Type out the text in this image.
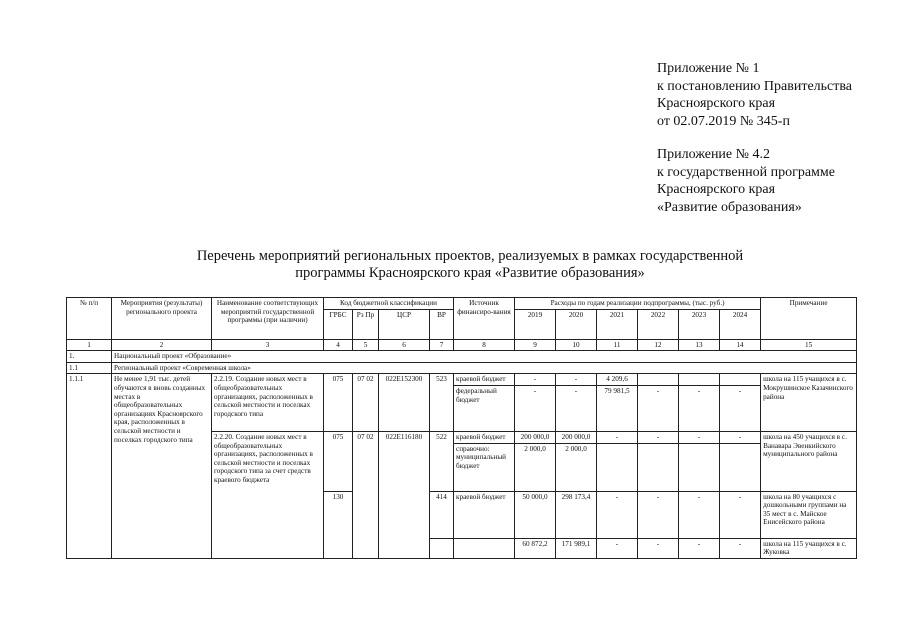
Приложение № 1
к постановлению Правительства
Красноярского края
от 02.07.2019 № 345-п
Приложение № 4.2
к государственной программе
Красноярского края
«Развитие образования»
Перечень мероприятий региональных проектов, реализуемых в рамках государственной
программы Красноярского края «Развитие образования»
№ п/п	Мероприятия (результаты) регионального проекта	Наименование соответствующих мероприятий государственной программы (при наличии)	Код бюджетной классификации				Источник финансиро-вания	Расходы по годам реализации подпрограммы, (тыс. руб.)						Примечание
			ГРБС	Рз Пр	ЦСР	ВР		2019	2020	2021	2022	2023	2024	
1	2	3	4	5	6	7	8	9	10	11	12	13	14	15
1.	Национальный проект «Образование»													
1.1	Региональный проект «Современная школа»													
1.1.1	Не менее 1,91 тыс. детей обучаются в вновь созданных местах в общеобразовательных организациях Красноярского края, расположенных в сельской местности и поселках городского типа	2.2.19. Создание новых мест в общеобразовательных организациях, расположенных в сельской местности и поселках городского типа	075	07 02	022E152300	523	краевой бюджет	-	-	4 209,6				школа на 115 учащихся в с. Мокрушинское Казачинского района
							федеральный бюджет	-	-	79 981,5	-	-	-	
		2.2.20. Создание новых мест в общеобразовательных организациях, расположенных в сельской местности и поселках городского типа за счет средств краевого бюджета	075	07 02	022E116180	522	краевой бюджет	200 000,0	200 000,0	-	-	-	-	школа на 450 учащихся в с. Ванавара Эвенкийского муниципального района
							справочно: муниципальный бюджет	2 000,0	2 000,0					
			130			414	краевой бюджет	50 000,0	298 173,4	-	-	-	-	школа на 80 учащихся с дошкольными группами на 35 мест в с. Майское Енисейского района
								60 872,2	171 989,1	-	-	-	-	школа на 115 учащихся в с. Жуковка
